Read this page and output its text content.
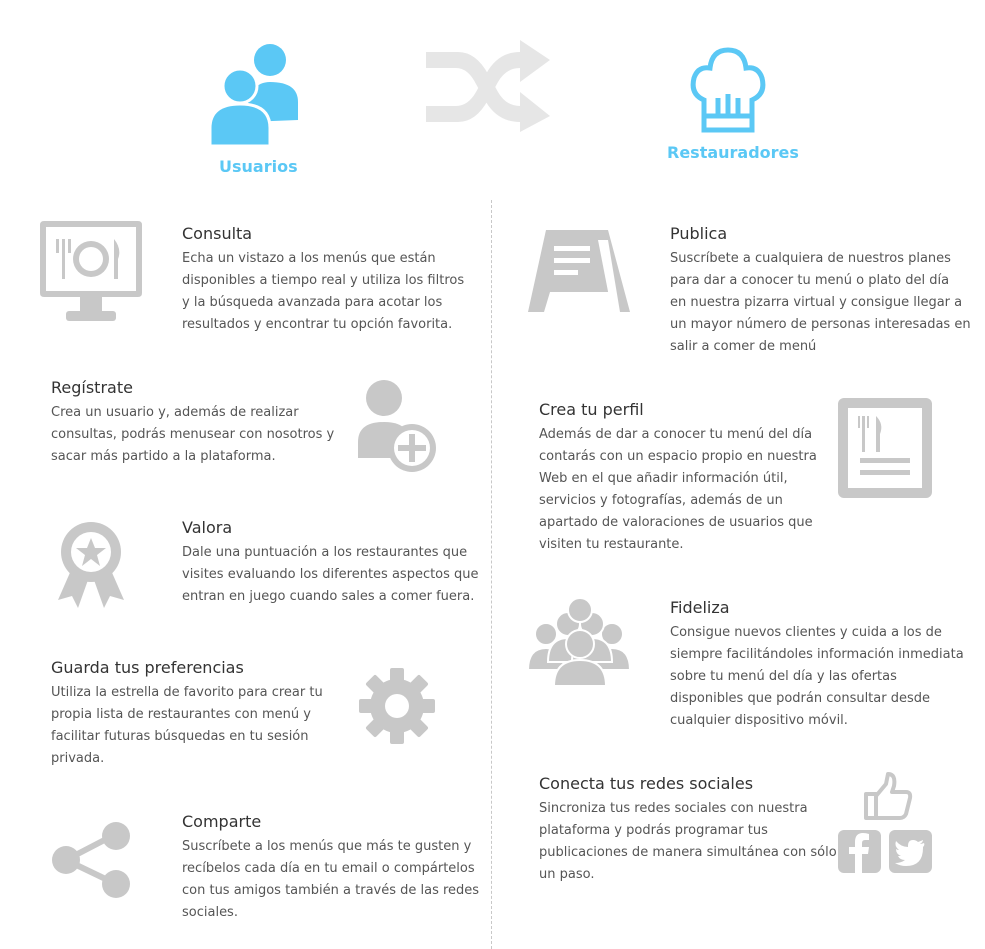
Usuarios
Restauradores
Consulta

Echa un vistazo a los menús que están
disponibles a tiempo real y utiliza los filtros
y la búsqueda avanzada para acotar los
resultados y encontrar tu opción favorita.

Regístrate

Crea un usuario y, además de realizar
consultas, podrás menusear con nosotros y
sacar más partido a la plataforma.

Valora

Dale una puntuación a los restaurantes que
visites evaluando los diferentes aspectos que
entran en juego cuando sales a comer fuera.

Guarda tus preferencias

Utiliza la estrella de favorito para crear tu
propia lista de restaurantes con menú y
facilitar futuras búsquedas en tu sesión
privada.

Comparte

Suscríbete a los menús que más te gusten y
recíbelos cada día en tu email o compártelos
con tus amigos también a través de las redes
sociales.

Publica

Suscríbete a cualquiera de nuestros planes
para dar a conocer tu menú o plato del día
en nuestra pizarra virtual y consigue llegar a
un mayor número de personas interesadas en
salir a comer de menú

Crea tu perfil

Además de dar a conocer tu menú del día
contarás con un espacio propio en nuestra
Web en el que añadir información útil,
servicios y fotografías, además de un
apartado de valoraciones de usuarios que
visiten tu restaurante.

Fideliza

Consigue nuevos clientes y cuida a los de
siempre facilitándoles información inmediata
sobre tu menú del día y las ofertas
disponibles que podrán consultar desde
cualquier dispositivo móvil.

Conecta tus redes sociales

Sincroniza tus redes sociales con nuestra
plataforma y podrás programar tus
publicaciones de manera simultánea con sólo
un paso.
